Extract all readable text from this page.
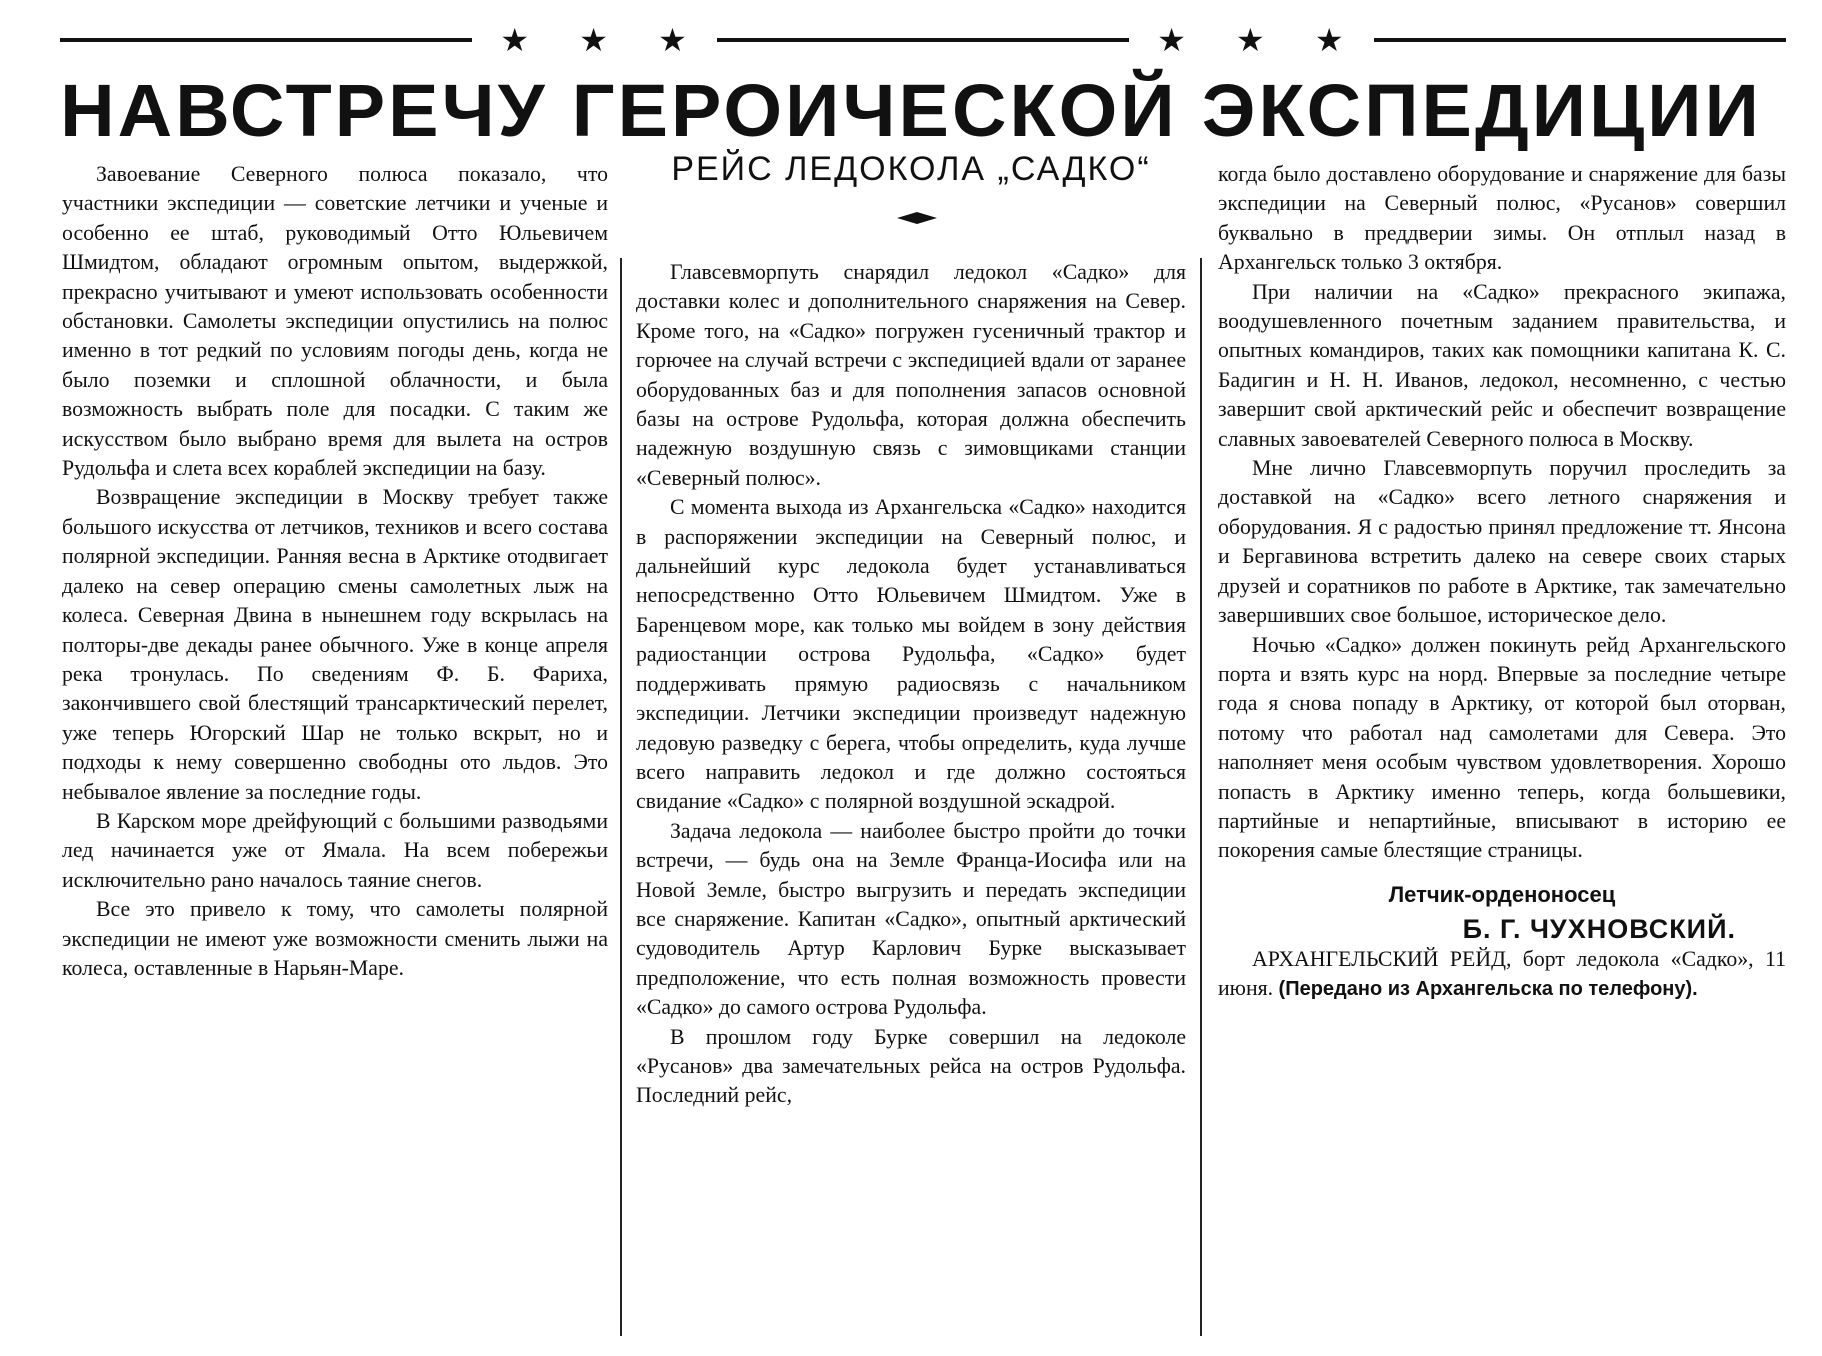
★ ★ ★	★ ★ ★
НАВСТРЕЧУ ГЕРОИЧЕСКОЙ ЭКСПЕДИЦИИ

Завоевание Северного полюса показало, что участники экспедиции — советские летчики и ученые и особенно ее штаб, руководимый Отто Юльевичем Шмидтом, обладают огромным опытом, выдержкой, прекрасно учитывают и умеют использовать особенности обстановки. Самолеты экспедиции опустились на полюс именно в тот редкий по условиям погоды день, когда не было поземки и сплошной облачности, и была возможность выбрать поле для посадки. С таким же искусством было выбрано время для вылета на остров Рудольфа и слета всех кораблей экспедиции на базу.

Возвращение экспедиции в Москву требует также большого искусства от летчиков, техников и всего состава полярной экспедиции. Ранняя весна в Арктике отодвигает далеко на север операцию смены самолетных лыж на колеса. Северная Двина в нынешнем году вскрылась на полторы-две декады ранее обычного. Уже в конце апреля река тронулась. По сведениям Ф. Б. Фариха, закончившего свой блестящий трансарктический перелет, уже теперь Югорский Шар не только вскрыт, но и подходы к нему совершенно свободны ото льдов. Это небывалое явление за последние годы.

В Карском море дрейфующий с большими разводьями лед начинается уже от Ямала. На всем побережьи исключительно рано началось таяние снегов.

Все это привело к тому, что самолеты полярной экспедиции не имеют уже возможности сменить лыжи на колеса, оставленные в Нарьян-Маре.

РЕЙС ЛЕДОКОЛА „САДКО“

Главсевморпуть снарядил ледокол «Садко» для доставки колес и дополнительного снаряжения на Север. Кроме того, на «Садко» погружен гусеничный трактор и горючее на случай встречи с экспедицией вдали от заранее оборудованных баз и для пополнения запасов основной базы на острове Рудольфа, которая должна обеспечить надежную воздушную связь с зимовщиками станции «Северный полюс».

С момента выхода из Архангельска «Садко» находится в распоряжении экспедиции на Северный полюс, и дальнейший курс ледокола будет устанавливаться непосредственно Отто Юльевичем Шмидтом. Уже в Баренцевом море, как только мы войдем в зону действия радиостанции острова Рудольфа, «Садко» будет поддерживать прямую радиосвязь с начальником экспедиции. Летчики экспедиции произведут надежную ледовую разведку с берега, чтобы определить, куда лучше всего направить ледокол и где должно состояться свидание «Садко» с полярной воздушной эскадрой.

Задача ледокола — наиболее быстро пройти до точки встречи, — будь она на Земле Франца-Иосифа или на Новой Земле, быстро выгрузить и передать экспедиции все снаряжение. Капитан «Садко», опытный арктический судоводитель Артур Карлович Бурке высказывает предположение, что есть полная возможность провести «Садко» до самого острова Рудольфа.

В прошлом году Бурке совершил на ледоколе «Русанов» два замечательных рейса на остров Рудольфа. Последний рейс,

когда было доставлено оборудование и снаряжение для базы экспедиции на Северный полюс, «Русанов» совершил буквально в преддверии зимы. Он отплыл назад в Архангельск только 3 октября.

При наличии на «Садко» прекрасного экипажа, воодушевленного почетным заданием правительства, и опытных командиров, таких как помощники капитана К. С. Бадигин и Н. Н. Иванов, ледокол, несомненно, с честью завершит свой арктический рейс и обеспечит возвращение славных завоевателей Северного полюса в Москву.

Мне лично Главсевморпуть поручил проследить за доставкой на «Садко» всего летного снаряжения и оборудования. Я с радостью принял предложение тт. Янсона и Бергавинова встретить далеко на севере своих старых друзей и соратников по работе в Арктике, так замечательно завершивших свое большое, историческое дело.

Ночью «Садко» должен покинуть рейд Архангельского порта и взять курс на норд. Впервые за последние четыре года я снова попаду в Арктику, от которой был оторван, потому что работал над самолетами для Севера. Это наполняет меня особым чувством удовлетворения. Хорошо попасть в Арктику именно теперь, когда большевики, партийные и непартийные, вписывают в историю ее покорения самые блестящие страницы.

Летчик-орденоносец
Б. Г. ЧУХНОВСКИЙ.

АРХАНГЕЛЬСКИЙ РЕЙД, борт ледокола «Садко», 11 июня. (Передано из Архангельска по телефону).
